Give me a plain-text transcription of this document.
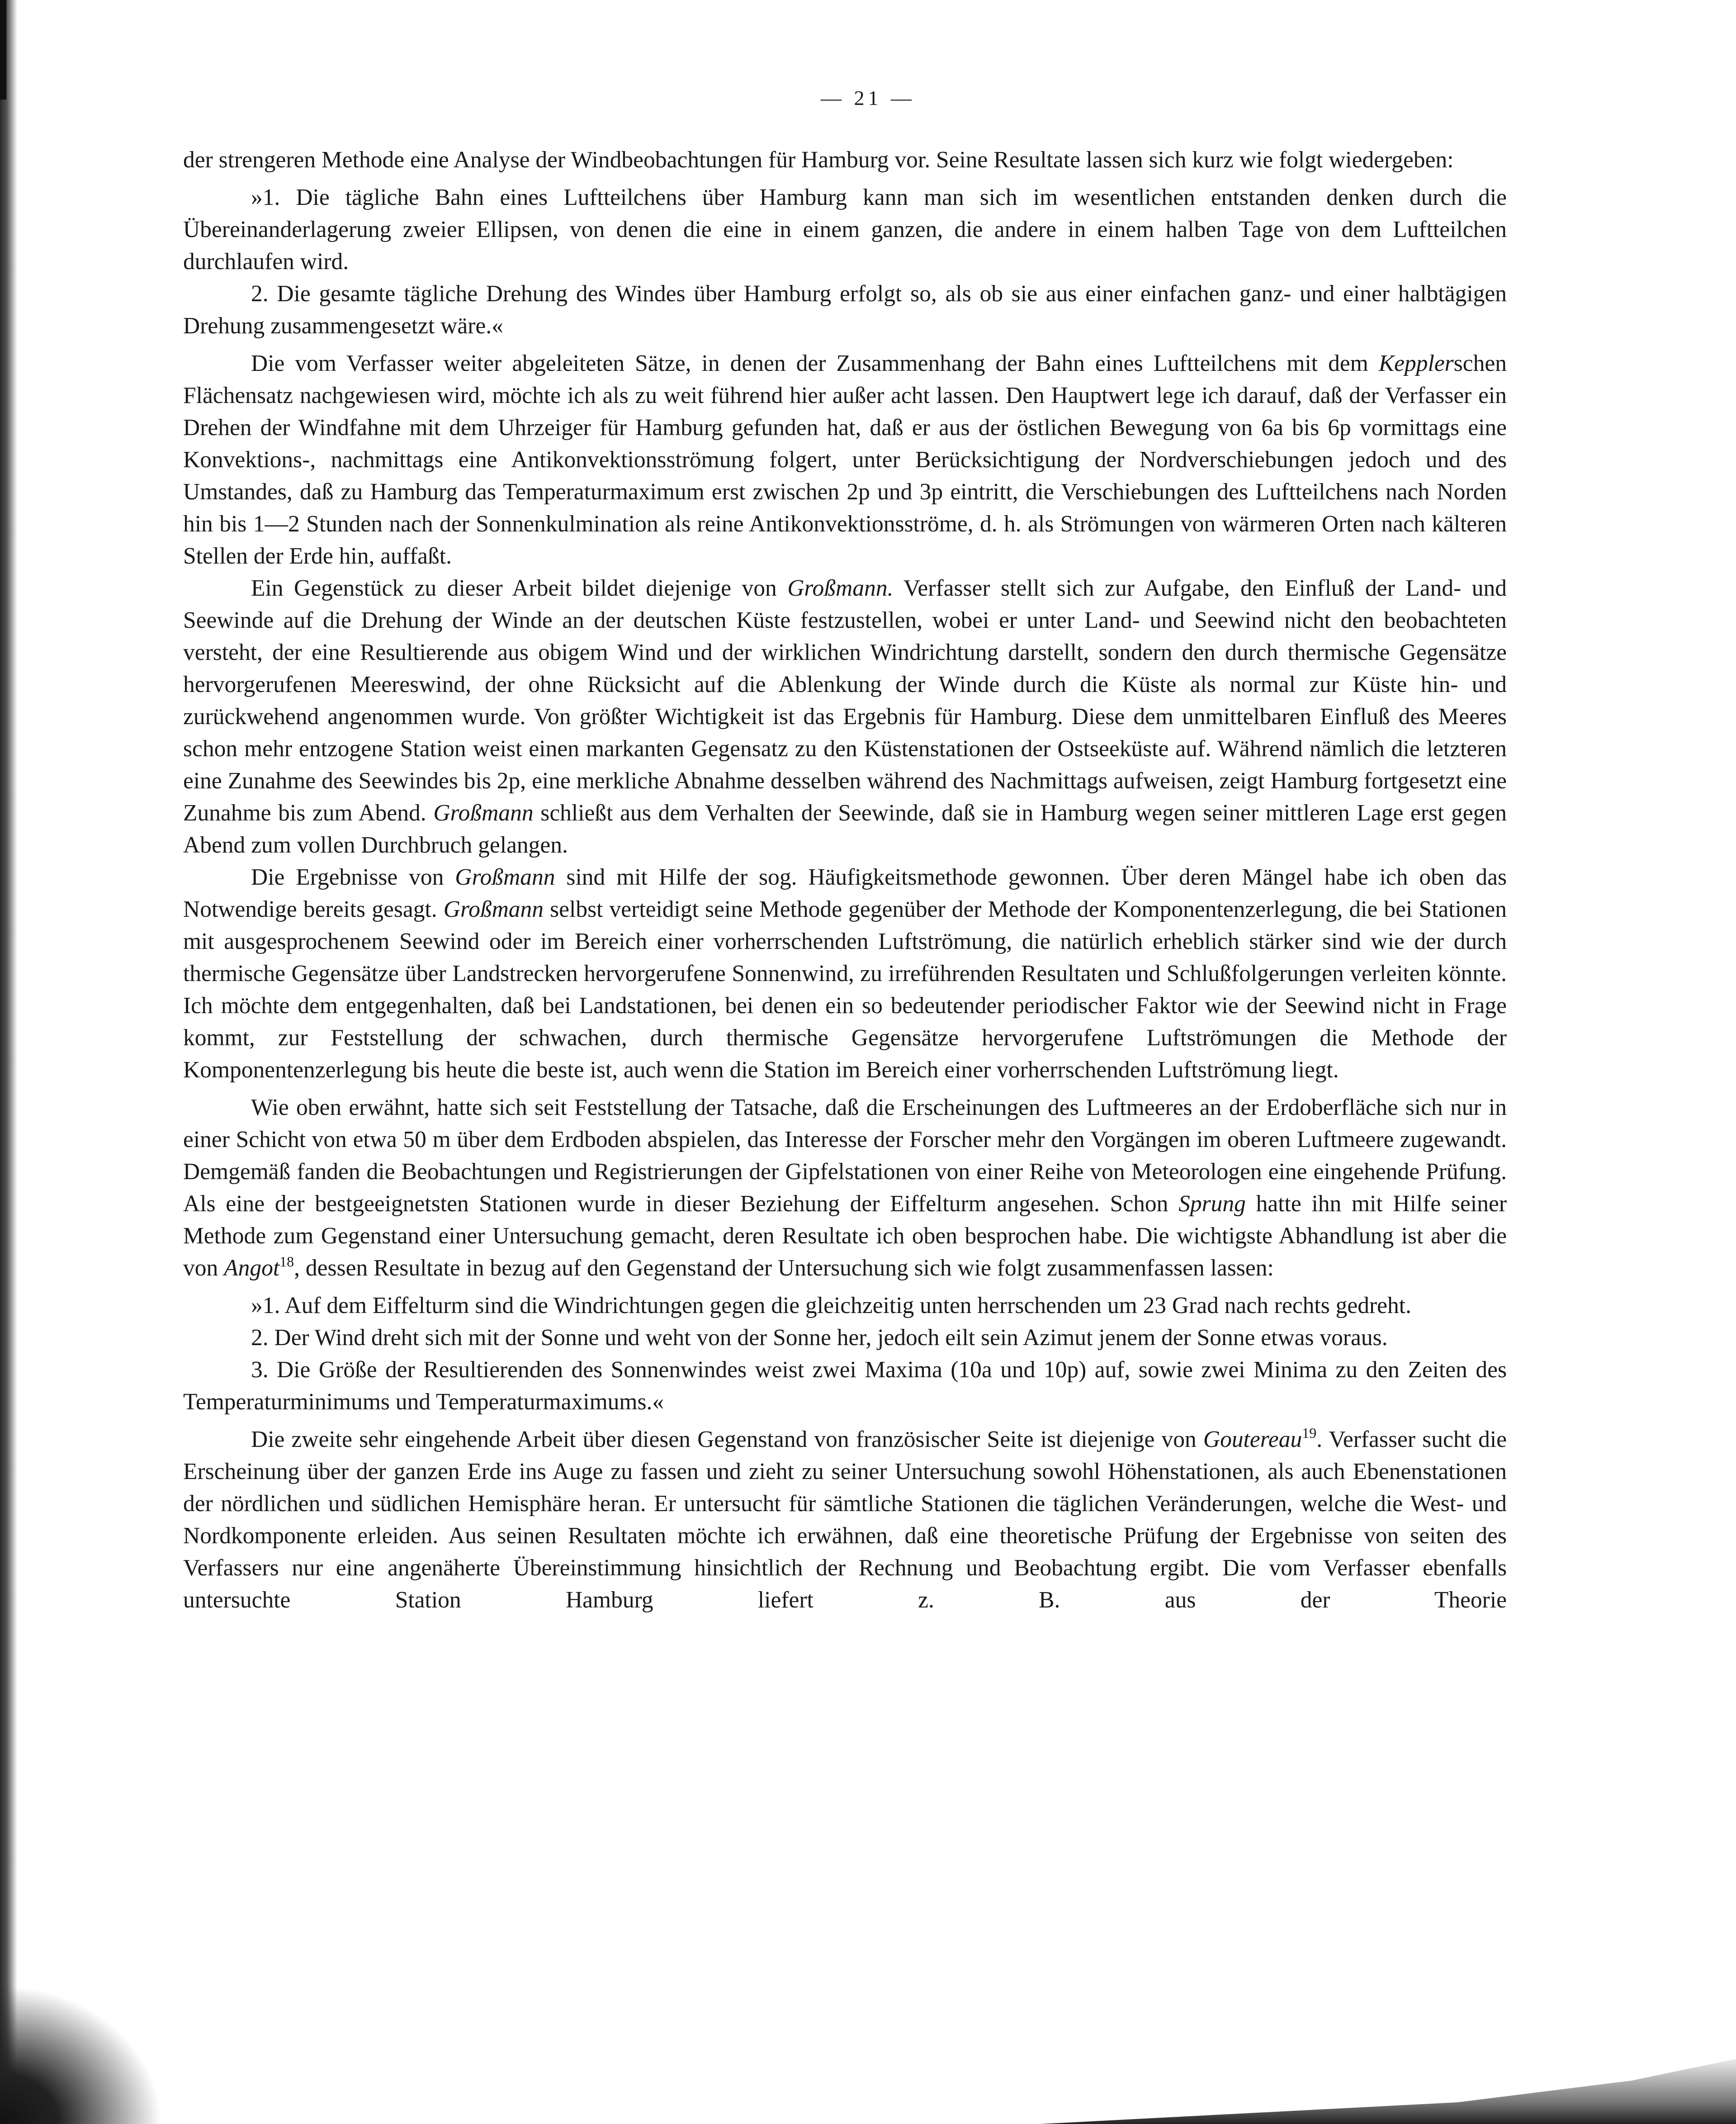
— 21 —

der strengeren Methode eine Analyse der Windbeobachtungen für Hamburg vor. Seine Resultate lassen sich kurz wie folgt wiedergeben:

»1. Die tägliche Bahn eines Luftteilchens über Hamburg kann man sich im wesentlichen entstanden denken durch die Übereinanderlagerung zweier Ellipsen, von denen die eine in einem ganzen, die andere in einem halben Tage von dem Luftteilchen durchlaufen wird.

2. Die gesamte tägliche Drehung des Windes über Hamburg erfolgt so, als ob sie aus einer einfachen ganz- und einer halbtägigen Drehung zusammengesetzt wäre.«

Die vom Verfasser weiter abgeleiteten Sätze, in denen der Zusammenhang der Bahn eines Luftteilchens mit dem Kepplerschen Flächensatz nachgewiesen wird, möchte ich als zu weit führend hier außer acht lassen. Den Hauptwert lege ich darauf, daß der Verfasser ein Drehen der Windfahne mit dem Uhrzeiger für Hamburg gefunden hat, daß er aus der östlichen Bewegung von 6a bis 6p vormittags eine Konvektions-, nachmittags eine Antikonvektionsströmung folgert, unter Berücksichtigung der Nordverschiebungen jedoch und des Umstandes, daß zu Hamburg das Temperaturmaximum erst zwischen 2p und 3p eintritt, die Verschiebungen des Luftteilchens nach Norden hin bis 1—2 Stunden nach der Sonnenkulmination als reine Antikonvektionsströme, d. h. als Strömungen von wärmeren Orten nach kälteren Stellen der Erde hin, auffaßt.

Ein Gegenstück zu dieser Arbeit bildet diejenige von Großmann. Verfasser stellt sich zur Aufgabe, den Einfluß der Land- und Seewinde auf die Drehung der Winde an der deutschen Küste festzustellen, wobei er unter Land- und Seewind nicht den beobachteten versteht, der eine Resultierende aus obigem Wind und der wirklichen Windrichtung darstellt, sondern den durch thermische Gegensätze hervorgerufenen Meereswind, der ohne Rücksicht auf die Ablenkung der Winde durch die Küste als normal zur Küste hin- und zurückwehend angenommen wurde. Von größter Wichtigkeit ist das Ergebnis für Hamburg. Diese dem unmittelbaren Einfluß des Meeres schon mehr entzogene Station weist einen markanten Gegensatz zu den Küstenstationen der Ostseeküste auf. Während nämlich die letzteren eine Zunahme des Seewindes bis 2p, eine merkliche Abnahme desselben während des Nachmittags aufweisen, zeigt Hamburg fortgesetzt eine Zunahme bis zum Abend. Großmann schließt aus dem Verhalten der Seewinde, daß sie in Hamburg wegen seiner mittleren Lage erst gegen Abend zum vollen Durchbruch gelangen.

Die Ergebnisse von Großmann sind mit Hilfe der sog. Häufigkeitsmethode gewonnen. Über deren Mängel habe ich oben das Notwendige bereits gesagt. Großmann selbst verteidigt seine Methode gegenüber der Methode der Komponentenzerlegung, die bei Stationen mit ausgesprochenem Seewind oder im Bereich einer vorherrschenden Luftströmung, die natürlich erheblich stärker sind wie der durch thermische Gegensätze über Landstrecken hervorgerufene Sonnenwind, zu irreführenden Resultaten und Schlußfolgerungen verleiten könnte. Ich möchte dem entgegenhalten, daß bei Landstationen, bei denen ein so bedeutender periodischer Faktor wie der Seewind nicht in Frage kommt, zur Feststellung der schwachen, durch thermische Gegensätze hervorgerufene Luftströmungen die Methode der Komponentenzerlegung bis heute die beste ist, auch wenn die Station im Bereich einer vorherrschenden Luftströmung liegt.

Wie oben erwähnt, hatte sich seit Feststellung der Tatsache, daß die Erscheinungen des Luftmeeres an der Erdoberfläche sich nur in einer Schicht von etwa 50 m über dem Erdboden abspielen, das Interesse der Forscher mehr den Vorgängen im oberen Luftmeere zugewandt. Demgemäß fanden die Beobachtungen und Registrierungen der Gipfelstationen von einer Reihe von Meteorologen eine eingehende Prüfung. Als eine der bestgeeignetsten Stationen wurde in dieser Beziehung der Eiffelturm angesehen. Schon Sprung hatte ihn mit Hilfe seiner Methode zum Gegenstand einer Untersuchung gemacht, deren Resultate ich oben besprochen habe. Die wichtigste Abhandlung ist aber die von Angot$^{18}$, dessen Resultate in bezug auf den Gegenstand der Untersuchung sich wie folgt zusammenfassen lassen:

»1. Auf dem Eiffelturm sind die Windrichtungen gegen die gleichzeitig unten herrschenden um 23 Grad nach rechts gedreht.

2. Der Wind dreht sich mit der Sonne und weht von der Sonne her, jedoch eilt sein Azimut jenem der Sonne etwas voraus.

3. Die Größe der Resultierenden des Sonnenwindes weist zwei Maxima (10a und 10p) auf, sowie zwei Minima zu den Zeiten des Temperaturminimums und Temperaturmaximums.«

Die zweite sehr eingehende Arbeit über diesen Gegenstand von französischer Seite ist diejenige von Goutereau$^{19}$. Verfasser sucht die Erscheinung über der ganzen Erde ins Auge zu fassen und zieht zu seiner Untersuchung sowohl Höhenstationen, als auch Ebenenstationen der nördlichen und südlichen Hemisphäre heran. Er untersucht für sämtliche Stationen die täglichen Veränderungen, welche die West- und Nordkomponente erleiden. Aus seinen Resultaten möchte ich erwähnen, daß eine theoretische Prüfung der Ergebnisse von seiten des Verfassers nur eine angenäherte Übereinstimmung hinsichtlich der Rechnung und Beobachtung ergibt. Die vom Verfasser ebenfalls untersuchte Station Hamburg liefert z. B. aus der Theorie
